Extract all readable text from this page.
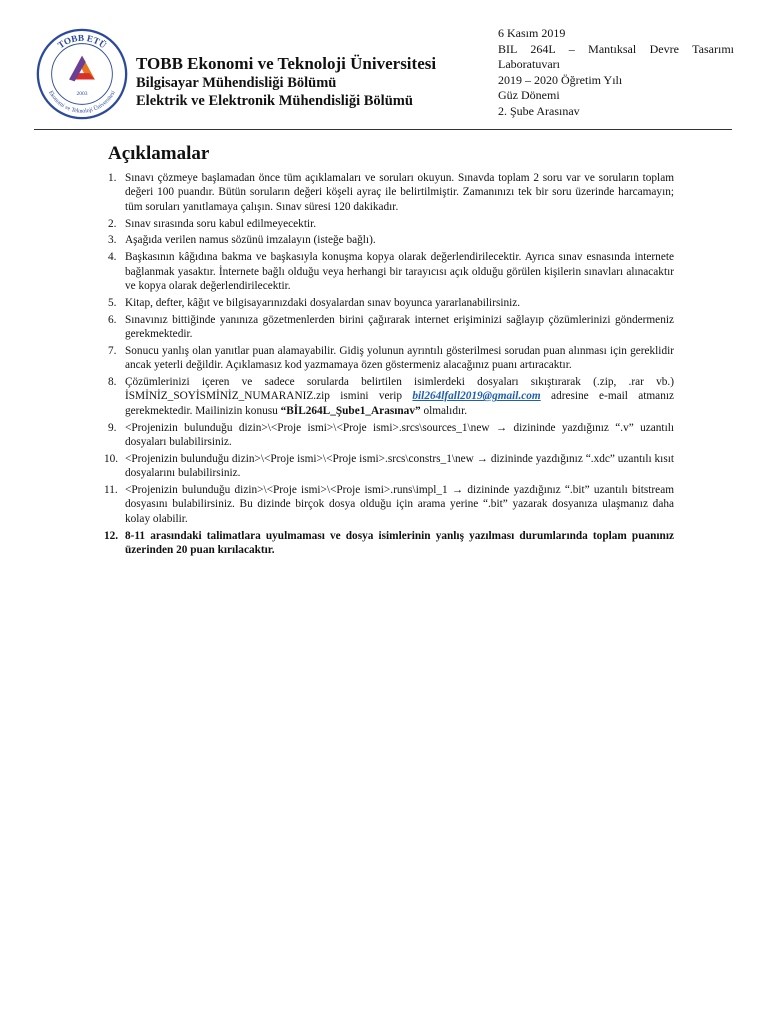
TOBB ETÜ
Ekonomi ve Teknoloji Üniversitesi
2003
TOBB Ekonomi ve Teknoloji Üniversitesi
Bilgisayar Mühendisliği Bölümü
Elektrik ve Elektronik Mühendisliği Bölümü
6 Kasım 2019
BIL 264L – Mantıksal Devre Tasarımı
Laboratuvarı
2019 – 2020 Öğretim Yılı
Güz Dönemi
2. Şube Arasınav
Açıklamalar
1. Sınavı çözmeye başlamadan önce tüm açıklamaları ve soruları okuyun. Sınavda toplam 2 soru var ve soruların toplam değeri 100 puandır. Bütün soruların değeri köşeli ayraç ile belirtilmiştir. Zamanınızı tek bir soru üzerinde harcamayın; tüm soruları yanıtlamaya çalışın. Sınav süresi 120 dakikadır.
2. Sınav sırasında soru kabul edilmeyecektir.
3. Aşağıda verilen namus sözünü imzalayın (isteğe bağlı).
4. Başkasının kâğıdına bakma ve başkasıyla konuşma kopya olarak değerlendirilecektir. Ayrıca sınav esnasında internete bağlanmak yasaktır. İnternete bağlı olduğu veya herhangi bir tarayıcısı açık olduğu görülen kişilerin sınavları alınacaktır ve kopya olarak değerlendirilecektir.
5. Kitap, defter, kâğıt ve bilgisayarınızdaki dosyalardan sınav boyunca yararlanabilirsiniz.
6. Sınavınız bittiğinde yanınıza gözetmenlerden birini çağırarak internet erişiminizi sağlayıp çözümlerinizi göndermeniz gerekmektedir.
7. Sonucu yanlış olan yanıtlar puan alamayabilir. Gidiş yolunun ayrıntılı gösterilmesi sorudan puan alınması için gereklidir ancak yeterli değildir. Açıklamasız kod yazmamaya özen göstermeniz alacağınız puanı artıracaktır.
8. Çözümlerinizi içeren ve sadece sorularda belirtilen isimlerdeki dosyaları sıkıştırarak (.zip, .rar vb.) İSMİNİZ_SOYİSMİNİZ_NUMARANIZ.zip ismini verip bil264lfall2019@gmail.com adresine e-mail atmanız gerekmektedir. Mailinizin konusu “BİL264L_Şube1_Arasınav” olmalıdır.
9. <Projenizin bulunduğu dizin>\<Proje ismi>\<Proje ismi>.srcs\sources_1\new → dizininde yazdığınız “.v” uzantılı dosyaları bulabilirsiniz.
10. <Projenizin bulunduğu dizin>\<Proje ismi>\<Proje ismi>.srcs\constrs_1\new → dizininde yazdığınız “.xdc” uzantılı kısıt dosyalarını bulabilirsiniz.
11. <Projenizin bulunduğu dizin>\<Proje ismi>\<Proje ismi>.runs\impl_1 → dizininde yazdığınız “.bit” uzantılı bitstream dosyasını bulabilirsiniz. Bu dizinde birçok dosya olduğu için arama yerine “.bit” yazarak dosyanıza ulaşmanız daha kolay olabilir.
12. 8-11 arasındaki talimatlara uyulmaması ve dosya isimlerinin yanlış yazılması durumlarında toplam puanınız üzerinden 20 puan kırılacaktır.
